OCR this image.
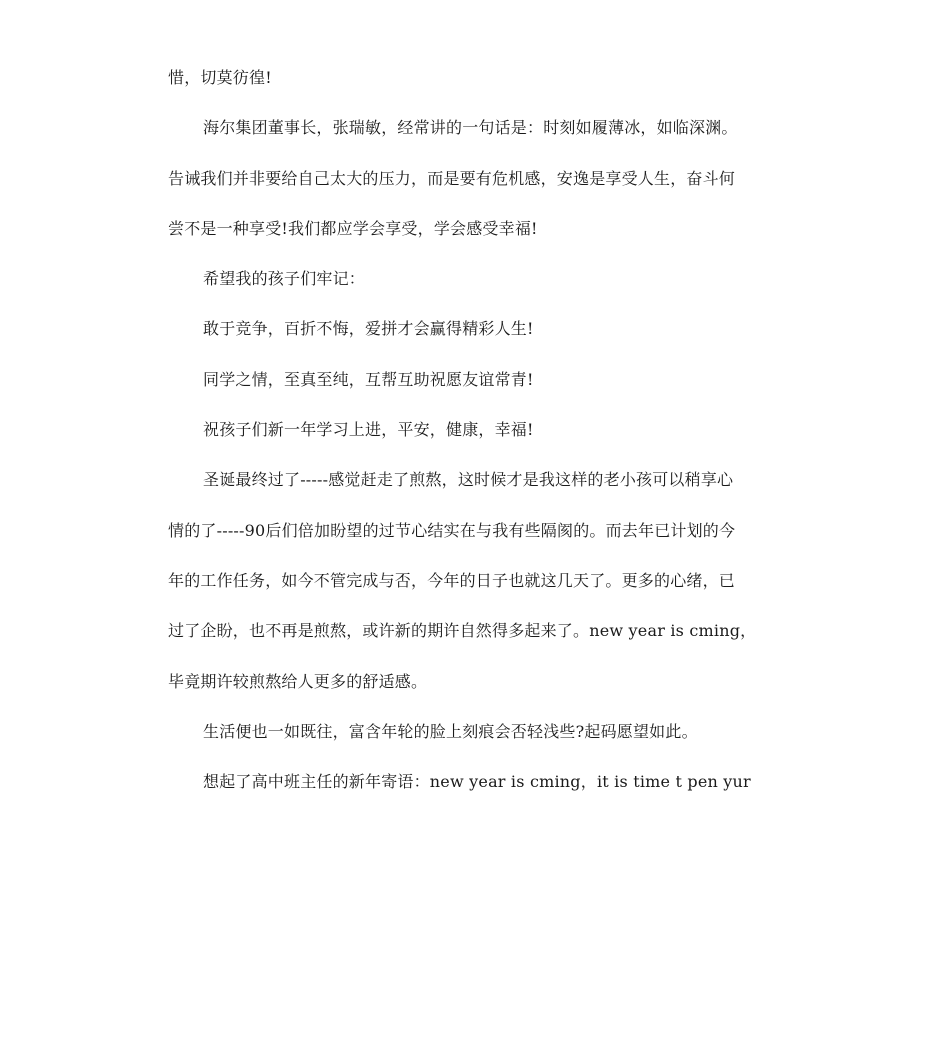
惜，切莫彷徨!
海尔集团董事长，张瑞敏，经常讲的一句话是：时刻如履薄冰，如临深渊。
告诫我们并非要给自己太大的压力，而是要有危机感，安逸是享受人生，奋斗何
尝不是一种享受!我们都应学会享受，学会感受幸福!
希望我的孩子们牢记：
敢于竞争，百折不悔，爱拼才会赢得精彩人生!
同学之情，至真至纯，互帮互助祝愿友谊常青!
祝孩子们新一年学习上进，平安，健康，幸福!
圣诞最终过了-----感觉赶走了煎熬，这时候才是我这样的老小孩可以稍享心
情的了-----90后们倍加盼望的过节心结实在与我有些隔阂的。而去年已计划的今
年的工作任务，如今不管完成与否，今年的日子也就这几天了。更多的心绪，已
过了企盼，也不再是煎熬，或许新的期许自然得多起来了。new year is cming，
毕竟期许较煎熬给人更多的舒适感。
生活便也一如既往，富含年轮的脸上刻痕会否轻浅些?起码愿望如此。
想起了高中班主任的新年寄语：new year is cming，it is time t pen yur
